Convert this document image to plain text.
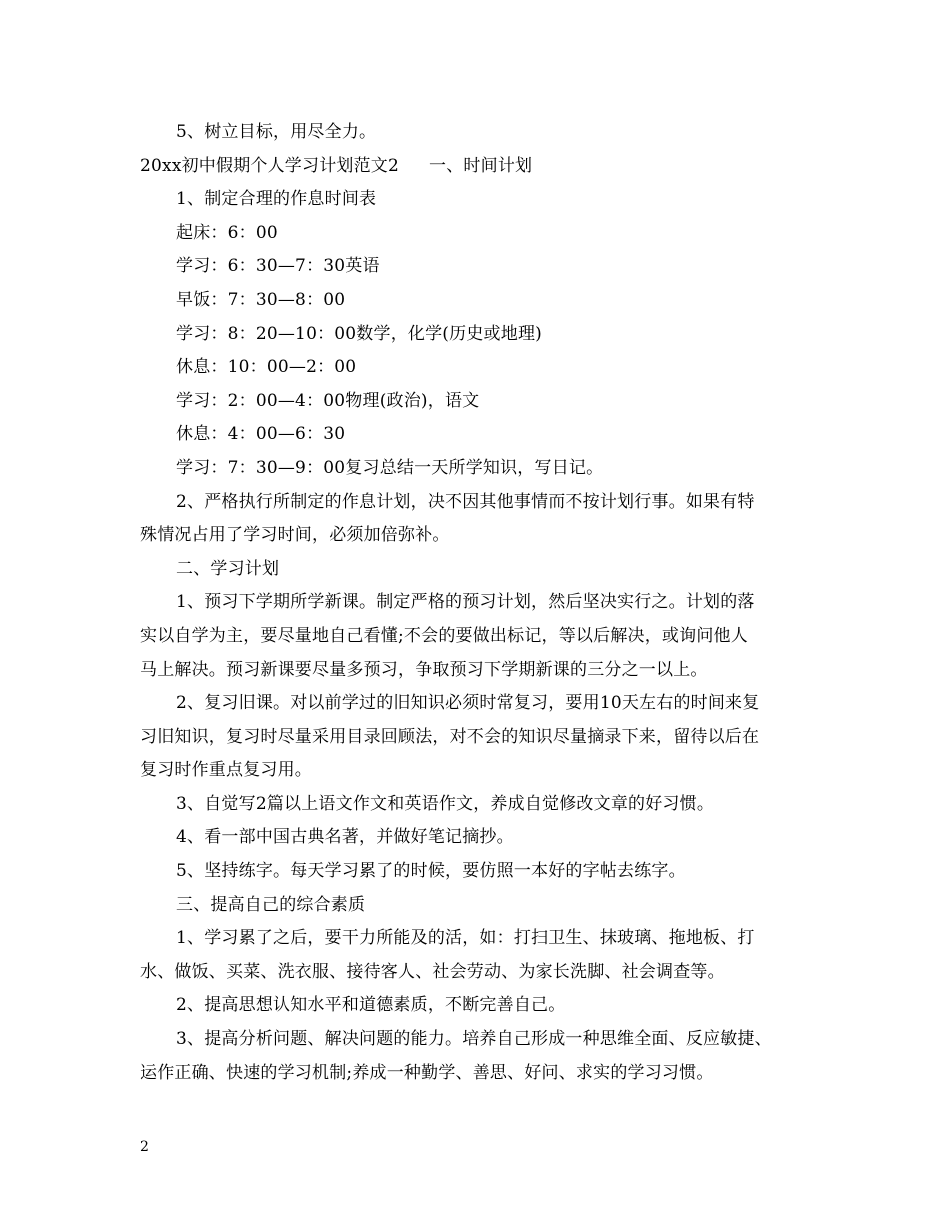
5、树立目标，用尽全力。
20xx初中假期个人学习计划范文2 一、时间计划
1、制定合理的作息时间表
起床：6：00
学习：6：30—7：30英语
早饭：7：30—8：00
学习：8：20—10：00数学，化学(历史或地理)
休息：10：00—2：00
学习：2：00—4：00物理(政治)，语文
休息：4：00—6：30
学习：7：30—9：00复习总结一天所学知识，写日记。
2、严格执行所制定的作息计划，决不因其他事情而不按计划行事。如果有特
殊情况占用了学习时间，必须加倍弥补。
二、学习计划
1、预习下学期所学新课。制定严格的预习计划，然后坚决实行之。计划的落
实以自学为主，要尽量地自己看懂;不会的要做出标记，等以后解决，或询问他人
马上解决。预习新课要尽量多预习，争取预习下学期新课的三分之一以上。
2、复习旧课。对以前学过的旧知识必须时常复习，要用10天左右的时间来复
习旧知识，复习时尽量采用目录回顾法，对不会的知识尽量摘录下来，留待以后在
复习时作重点复习用。
3、自觉写2篇以上语文作文和英语作文，养成自觉修改文章的好习惯。
4、看一部中国古典名著，并做好笔记摘抄。
5、坚持练字。每天学习累了的时候，要仿照一本好的字帖去练字。
三、提高自己的综合素质
1、学习累了之后，要干力所能及的活，如：打扫卫生、抹玻璃、拖地板、打
水、做饭、买菜、洗衣服、接待客人、社会劳动、为家长洗脚、社会调查等。
2、提高思想认知水平和道德素质，不断完善自己。
3、提高分析问题、解决问题的能力。培养自己形成一种思维全面、反应敏捷、
运作正确、快速的学习机制;养成一种勤学、善思、好问、求实的学习习惯。
2
